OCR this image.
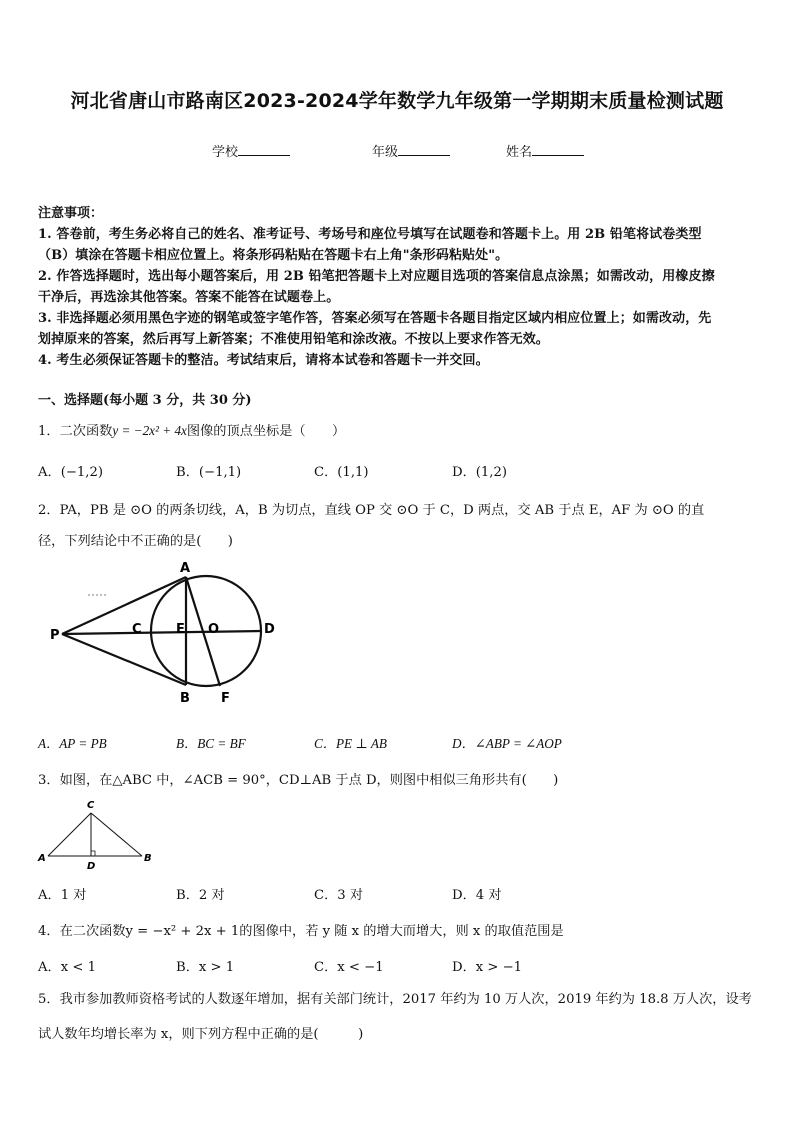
河北省唐山市路南区2023-2024学年数学九年级第一学期期末质量检测试题
学校	年级	姓名
注意事项：
1. 答卷前，考生务必将自己的姓名、准考证号、考场号和座位号填写在试题卷和答题卡上。用 2B 铅笔将试卷类型
（B）填涂在答题卡相应位置上。将条形码粘贴在答题卡右上角"条形码粘贴处"。
2. 作答选择题时，选出每小题答案后，用 2B 铅笔把答题卡上对应题目选项的答案信息点涂黑；如需改动，用橡皮擦
干净后，再选涂其他答案。答案不能答在试题卷上。
3. 非选择题必须用黑色字迹的钢笔或签字笔作答，答案必须写在答题卡各题目指定区域内相应位置上；如需改动，先
划掉原来的答案，然后再写上新答案；不准使用铅笔和涂改液。不按以上要求作答无效。
4. 考生必须保证答题卡的整洁。考试结束后，请将本试卷和答题卡一并交回。
一、选择题(每小题 3 分，共 30 分)
1．二次函数y = −2x² + 4x图像的顶点坐标是（　　）
A．(−1,2)	B．(−1,1)	C．(1,1)	D．(1,2)
2．PA，PB 是 ⊙O 的两条切线，A，B 为切点，直线 OP 交 ⊙O 于 C，D 两点，交 AB 于点 E，AF 为 ⊙O 的直
径，下列结论中不正确的是(　　)
A
B
C	D
E O
P
F
A．AP = PB	B．BC = BF	C．PE ⊥ AB	D．∠ABP = ∠AOP
3．如图，在△ABC 中，∠ACB = 90°，CD⊥AB 于点 D，则图中相似三角形共有(　　)
A	B
C
D
A．1 对	B．2 对	C．3 对	D．4 对
4．在二次函数y = −x² + 2x + 1的图像中，若 y 随 x 的增大而增大，则 x 的取值范围是
A．x < 1	B．x > 1	C．x < −1	D．x > −1
5．我市参加教师资格考试的人数逐年增加，据有关部门统计，2017 年约为 10 万人次，2019 年约为 18.8 万人次，设考
试人数年均增长率为 x，则下列方程中正确的是(　　　)
